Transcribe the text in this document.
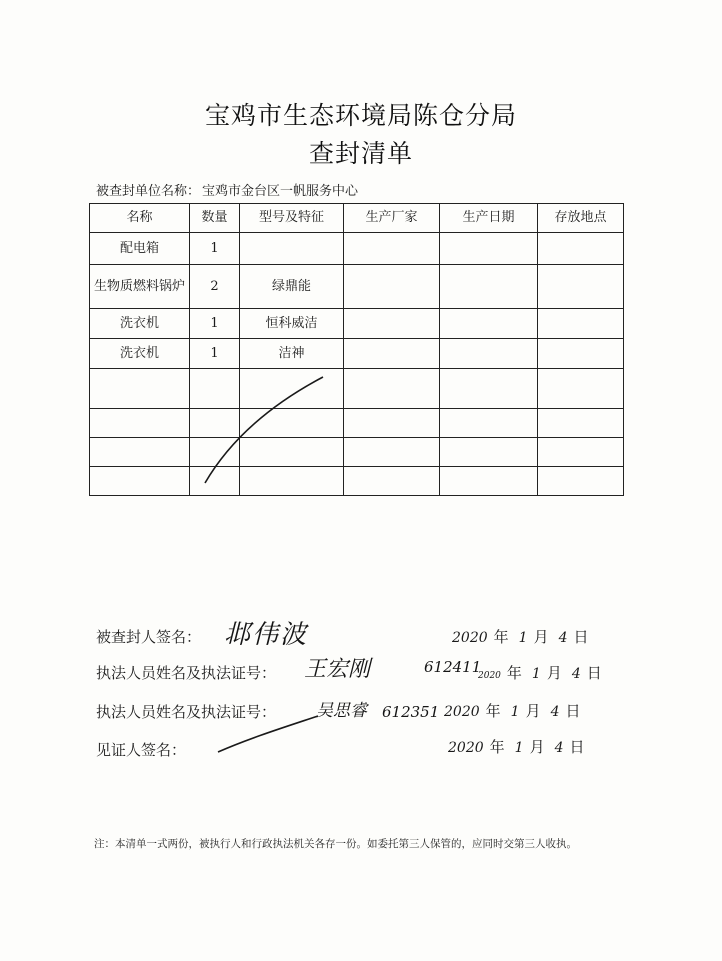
宝鸡市生态环境局陈仓分局
查封清单
被查封单位名称： 宝鸡市金台区一帆服务中心
名称	数量	型号及特征	生产厂家	生产日期	存放地点
配电箱	1				
生物质燃料锅炉	2	绿鼎能			
洗衣机	1	恒科威洁			
洗衣机	1	洁神			

被查封人签名： 邶伟波	2020 年 1 月 4 日
执法人员姓名及执法证号： 王宏刚	612411
2020 年 1 月 4 日
执法人员姓名及执法证号： 吴思睿 612351 2020 年 1 月 4 日
见证人签名：	2020 年 1 月 4 日
注：本清单一式两份，被执行人和行政执法机关各存一份。如委托第三人保管的，应同时交第三人收执。
